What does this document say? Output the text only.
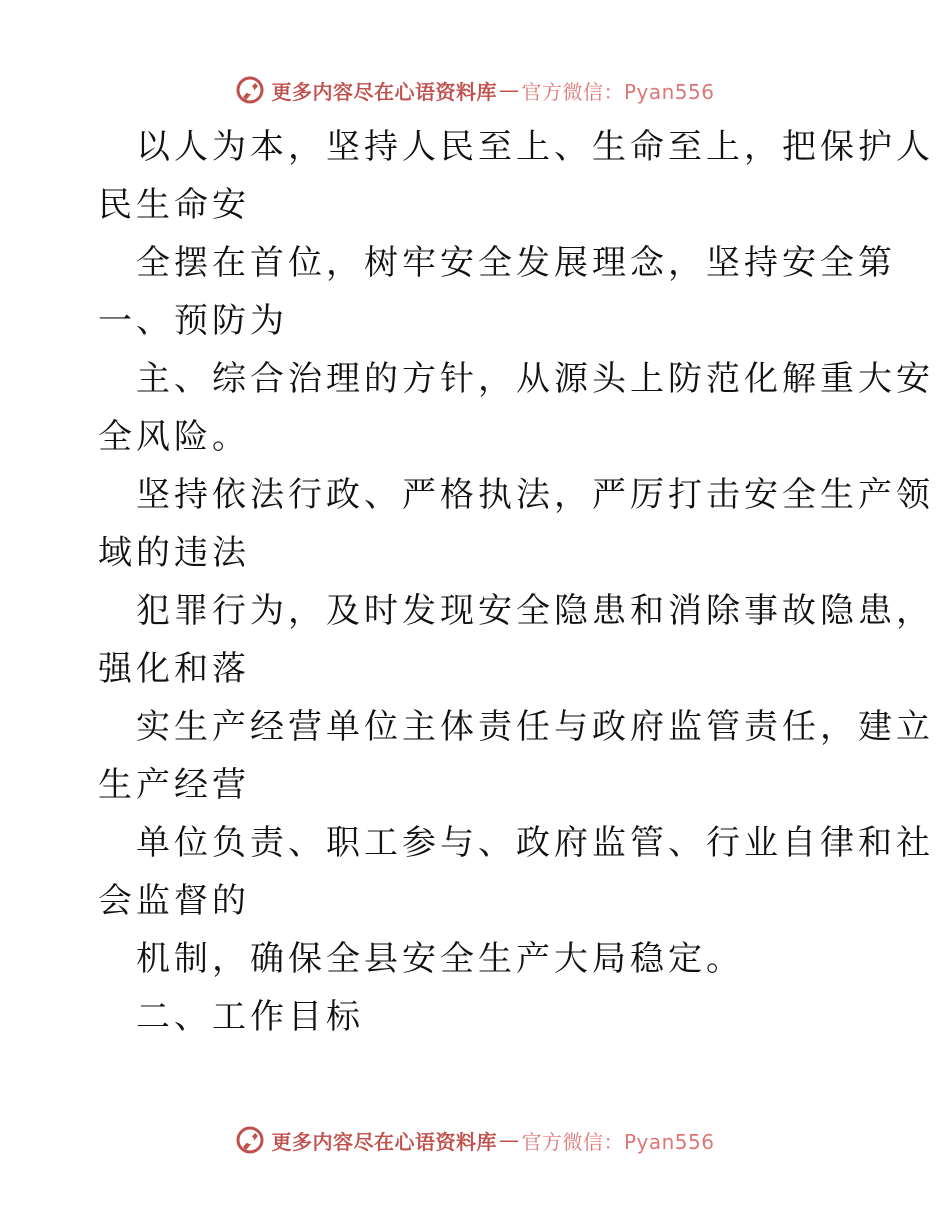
更多内容尽在心语资料库 — 官方微信：Pyan556

以人为本，坚持人民至上、生命至上，把保护人
民生命安

全摆在首位，树牢安全发展理念，坚持安全第
一、预防为

主、综合治理的方针，从源头上防范化解重大安
全风险。

坚持依法行政、严格执法，严厉打击安全生产领
域的违法

犯罪行为，及时发现安全隐患和消除事故隐患，
强化和落

实生产经营单位主体责任与政府监管责任，建立
生产经营

单位负责、职工参与、政府监管、行业自律和社
会监督的

机制，确保全县安全生产大局稳定。

二、工作目标

更多内容尽在心语资料库 — 官方微信：Pyan556
